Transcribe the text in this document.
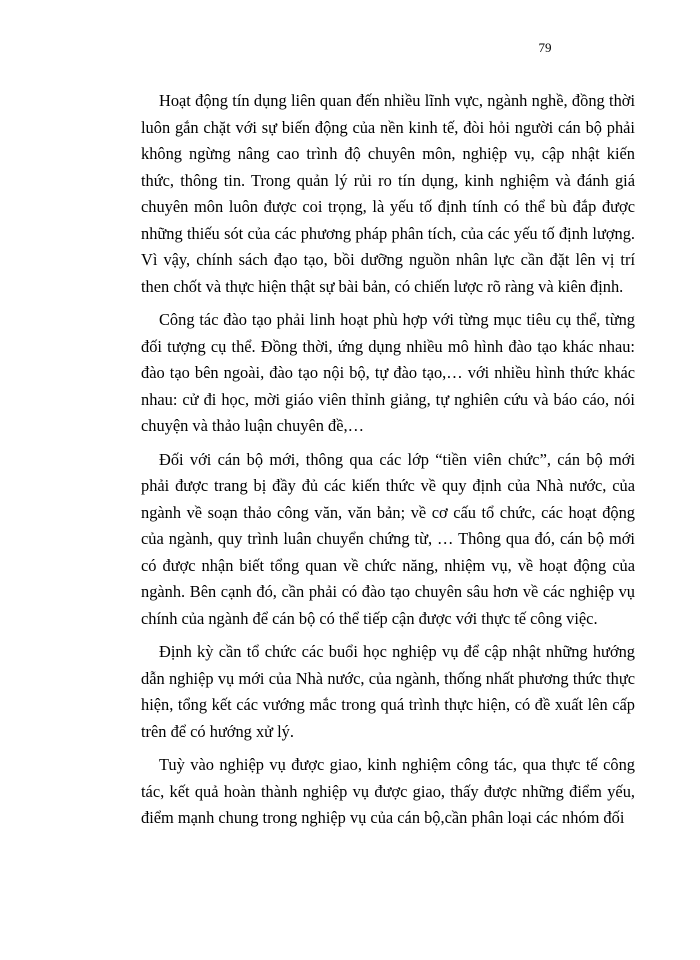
79

Hoạt động tín dụng liên quan đến nhiều lĩnh vực, ngành nghề, đồng thời luôn gắn chặt với sự biến động của nền kinh tế, đòi hỏi người cán bộ phải không ngừng nâng cao trình độ chuyên môn, nghiệp vụ, cập nhật kiến thức, thông tin. Trong quản lý rủi ro tín dụng, kinh nghiệm và đánh giá chuyên môn luôn được coi trọng, là yếu tố định tính có thể bù đắp được những thiếu sót của các phương pháp phân tích, của các yếu tố định lượng. Vì vậy, chính sách đạo tạo, bồi dưỡng nguồn nhân lực cần đặt lên vị trí then chốt và thực hiện thật sự bài bản, có chiến lược rõ ràng và kiên định.

Công tác đào tạo phải linh hoạt phù hợp với từng mục tiêu cụ thể, từng đối tượng cụ thể. Đồng thời, ứng dụng nhiều mô hình đào tạo khác nhau: đào tạo bên ngoài, đào tạo nội bộ, tự đào tạo,… với nhiều hình thức khác nhau: cử đi học, mời giáo viên thỉnh giảng, tự nghiên cứu và báo cáo, nói chuyện và thảo luận chuyên đề,…

Đối với cán bộ mới, thông qua các lớp “tiền viên chức”, cán bộ mới phải được trang bị đầy đủ các kiến thức về quy định của Nhà nước, của ngành về soạn thảo công văn, văn bản; về cơ cấu tổ chức, các hoạt động của ngành, quy trình luân chuyển chứng từ, … Thông qua đó, cán bộ mới có được nhận biết tổng quan về chức năng, nhiệm vụ, về hoạt động của ngành. Bên cạnh đó, cần phải có đào tạo chuyên sâu hơn về các nghiệp vụ chính của ngành để cán bộ có thể tiếp cận được với thực tế công việc.

Định kỳ cần tổ chức các buổi học nghiệp vụ để cập nhật những hướng dẫn nghiệp vụ mới của Nhà nước, của ngành, thống nhất phương thức thực hiện, tổng kết các vướng mắc trong quá trình thực hiện, có đề xuất lên cấp trên để có hướng xử lý.

Tuỳ vào nghiệp vụ được giao, kinh nghiệm công tác, qua thực tế công tác, kết quả hoàn thành nghiệp vụ được giao, thấy được những điểm yếu, điểm mạnh chung trong nghiệp vụ của cán bộ,cần phân loại các nhóm đối
